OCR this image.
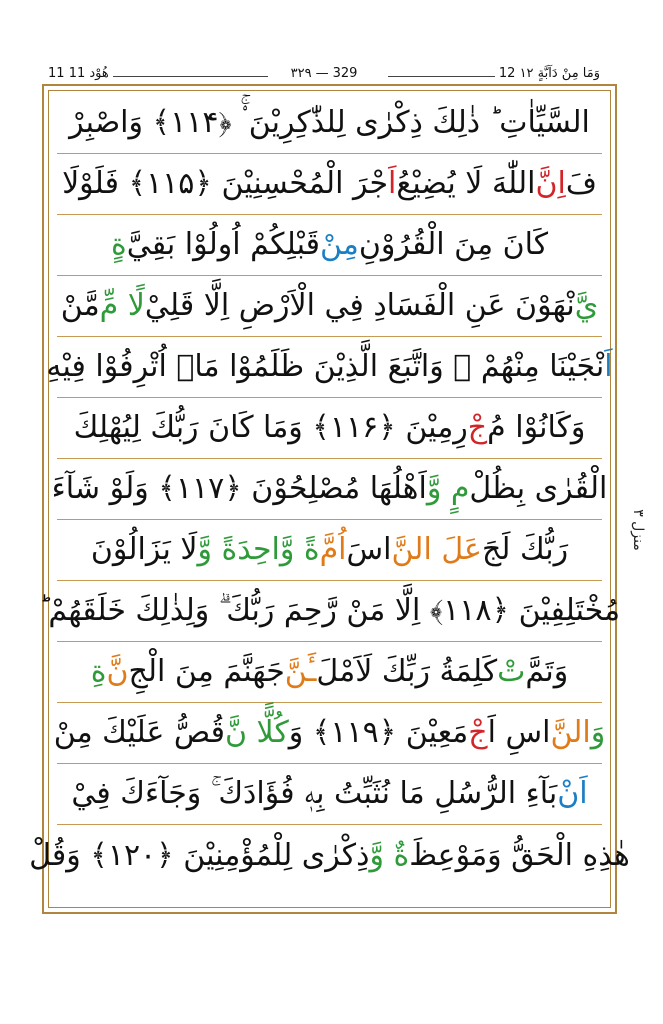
11 هُوْد 11	۳۲۹ — 329	12 وَمَا مِنْ دَآبَّةٍ ۱۲
السَّيِّاٰتِ ؕ ذٰلِكَ ذِكْرٰى لِلذّٰكِرِيْنَ ۟ۚ ﴿۱۱۴﴾ وَاصْبِرْ
فَ
اِنَّ
اللّٰهَ لَا يُضِيْعُ
اَ
جْرَ الْمُحْسِنِيْنَ ﴿۱۱۵﴾ فَلَوْلَا
كَانَ مِنَ الْقُرُوْنِ
مِنْ
قَبْلِكُمْ اُولُوْا بَقِيَّ
ةٍ
يَّ
نْهَوْنَ عَنِ الْفَسَادِ فِي الْاَرْضِ اِلَّا قَلِيْ
لًا مِّ
مَّنْ
اَ
نْجَيْنَا مِنْهُمْ ۚ وَاتَّبَعَ الَّذِيْنَ ظَلَمُوْا مَاۤ اُتْرِفُوْا فِيْهِ
وَكَانُوْا مُ
جْ
رِمِيْنَ ﴿۱۱۶﴾ وَمَا كَانَ رَبُّكَ لِيُهْلِكَ
الْقُرٰى بِظُلْ
مٍ وَّ
اَهْلُهَا مُصْلِحُوْنَ ﴿۱۱۷﴾ وَلَوْ شَآءَ
رَبُّكَ لَجَ
عَلَ النَّ
اسَ
اُمَّ
ةً وَّ
احِدَةً وَّ
لَا يَزَالُوْنَ
مُخْتَلِفِيْنَ ﴿۱۱۸﴾ اِلَّا مَنْ رَّحِمَ رَبُّكَ ۗ وَلِذٰلِكَ خَلَقَهُمْ ؕ
وَتَمَّ
تْ
كَلِمَةُ رَبِّكَ لَاَمْلَ
ـَٔنَّ
جَهَنَّمَ مِنَ الْجِ
نَّ
ةِ
وَ
النَّ
اسِ اَ
جْ
مَعِيْنَ ﴿۱۱۹﴾ وَ
كُلًّا نَّ
قُصُّ عَلَيْكَ مِنْ
اَنْ
بَآءِ الرُّسُلِ مَا نُثَبِّتُ بِهٖ فُؤَادَكَ ۚ وَجَآءَكَ فِيْ
هٰذِهِ الْحَقُّ وَمَوْعِظَ
ةٌ وَّ
ذِكْرٰى لِلْمُؤْمِنِيْنَ ﴿۱۲۰﴾ وَقُلْ
منزل ۳
